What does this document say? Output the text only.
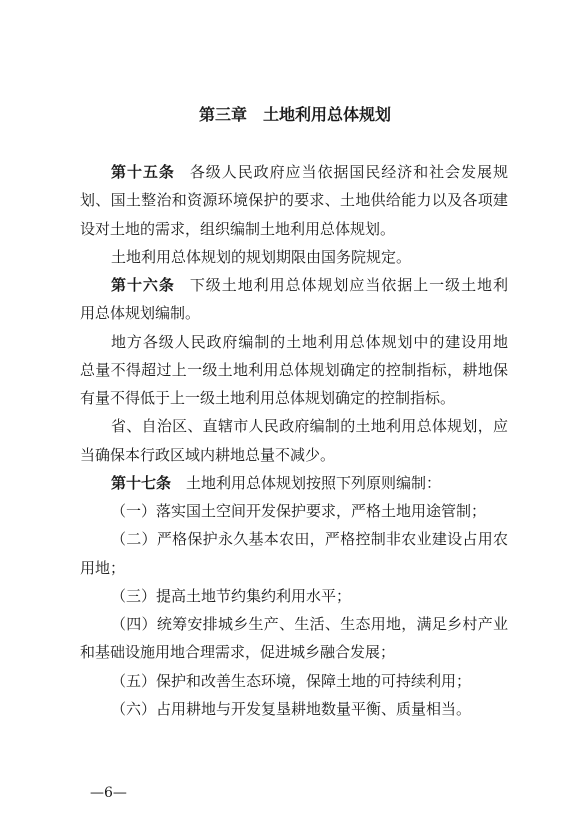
第三章　土地利用总体规划
第十五条 各级人民政府应当依据国民经济和社会发展规
划、国土整治和资源环境保护的要求、土地供给能力以及各项建
设对土地的需求，组织编制土地利用总体规划。
土地利用总体规划的规划期限由国务院规定。
第十六条 下级土地利用总体规划应当依据上一级土地利
用总体规划编制。
地方各级人民政府编制的土地利用总体规划中的建设用地
总量不得超过上一级土地利用总体规划确定的控制指标，耕地保
有量不得低于上一级土地利用总体规划确定的控制指标。
省、自治区、直辖市人民政府编制的土地利用总体规划，应
当确保本行政区域内耕地总量不减少。
第十七条 土地利用总体规划按照下列原则编制：
（一）落实国土空间开发保护要求，严格土地用途管制；
（二）严格保护永久基本农田，严格控制非农业建设占用农
用地；
（三）提高土地节约集约利用水平；
（四）统筹安排城乡生产、生活、生态用地，满足乡村产业
和基础设施用地合理需求，促进城乡融合发展；
（五）保护和改善生态环境，保障土地的可持续利用；
（六）占用耕地与开发复垦耕地数量平衡、质量相当。
—6—
